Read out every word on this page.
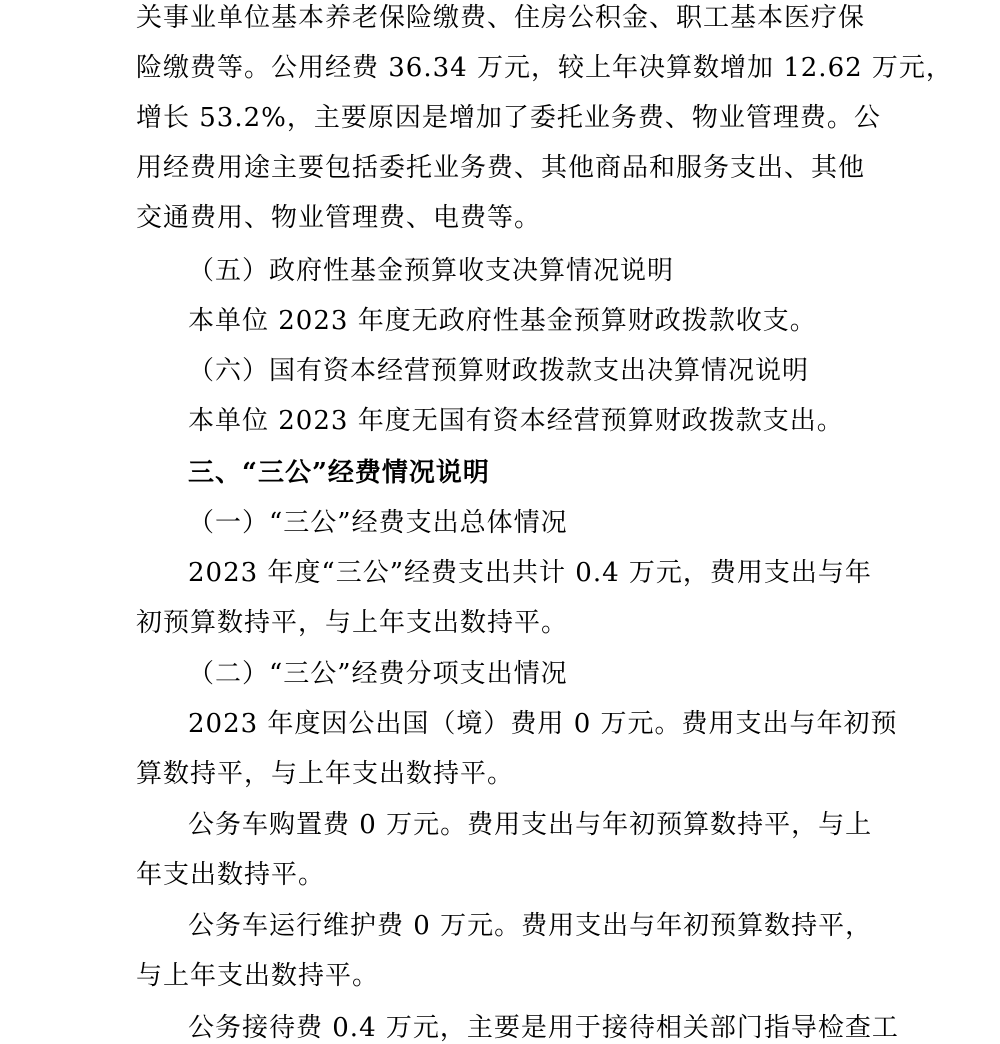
关事业单位基本养老保险缴费、住房公积金、职工基本医疗保
险缴费等。公用经费 36.34 万元，较上年决算数增加 12.62 万元，
增长 53.2%，主要原因是增加了委托业务费、物业管理费。公
用经费用途主要包括委托业务费、其他商品和服务支出、其他
交通费用、物业管理费、电费等。
（五）政府性基金预算收支决算情况说明
本单位 2023 年度无政府性基金预算财政拨款收支。
（六）国有资本经营预算财政拨款支出决算情况说明
本单位 2023 年度无国有资本经营预算财政拨款支出。
三、“三公”经费情况说明
（一）“三公”经费支出总体情况
2023 年度“三公”经费支出共计 0.4 万元，费用支出与年
初预算数持平，与上年支出数持平。
（二）“三公”经费分项支出情况
2023 年度因公出国（境）费用 0 万元。费用支出与年初预
算数持平，与上年支出数持平。
公务车购置费 0 万元。费用支出与年初预算数持平，与上
年支出数持平。
公务车运行维护费 0 万元。费用支出与年初预算数持平，
与上年支出数持平。
公务接待费 0.4 万元，主要是用于接待相关部门指导检查工
